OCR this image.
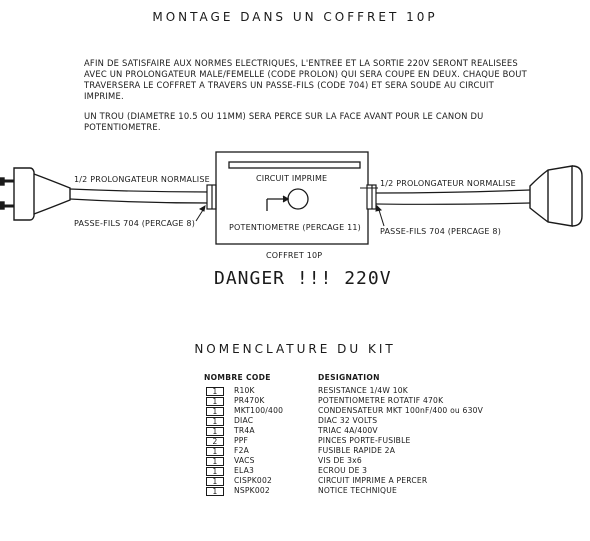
MONTAGE DANS UN COFFRET 10P
AFIN DE SATISFAIRE AUX NORMES ELECTRIQUES, L'ENTREE ET LA SORTIE 220V SERONT REALISEES AVEC UN PROLONGATEUR MALE/FEMELLE (CODE PROLON) QUI SERA COUPE EN DEUX. CHAQUE BOUT TRAVERSERA LE COFFRET A TRAVERS UN PASSE-FILS (CODE 704) ET SERA SOUDE AU CIRCUIT IMPRIME.
UN TROU (DIAMETRE 10.5 OU 11MM) SERA PERCE SUR LA FACE AVANT POUR LE CANON DU POTENTIOMETRE.
1/2 PROLONGATEUR NORMALISE	1/2 PROLONGATEUR NORMALISE
PASSE-FILS 704 (PERCAGE 8)
PASSE-FILS 704 (PERCAGE 8)
CIRCUIT IMPRIME
POTENTIOMETRE (PERCAGE 11)
COFFRET 10P
DANGER !!! 220V
NOMENCLATURE DU KIT
NOMBRE CODE	DESIGNATION
1	R10K	RESISTANCE 1/4W 10K

1	PR470K	POTENTIOMETRE ROTATIF 470K

1	MKT100/400	CONDENSATEUR MKT 100nF/400 ou 630V

1	DIAC	DIAC 32 VOLTS

1	TR4A	TRIAC 4A/400V

2	PPF	PINCES PORTE-FUSIBLE

1	F2A	FUSIBLE RAPIDE 2A

1	VACS	VIS DE 3x6

1	ELA3	ECROU DE 3

1	CISPK002	CIRCUIT IMPRIME A PERCER

1	NSPK002	NOTICE TECHNIQUE
